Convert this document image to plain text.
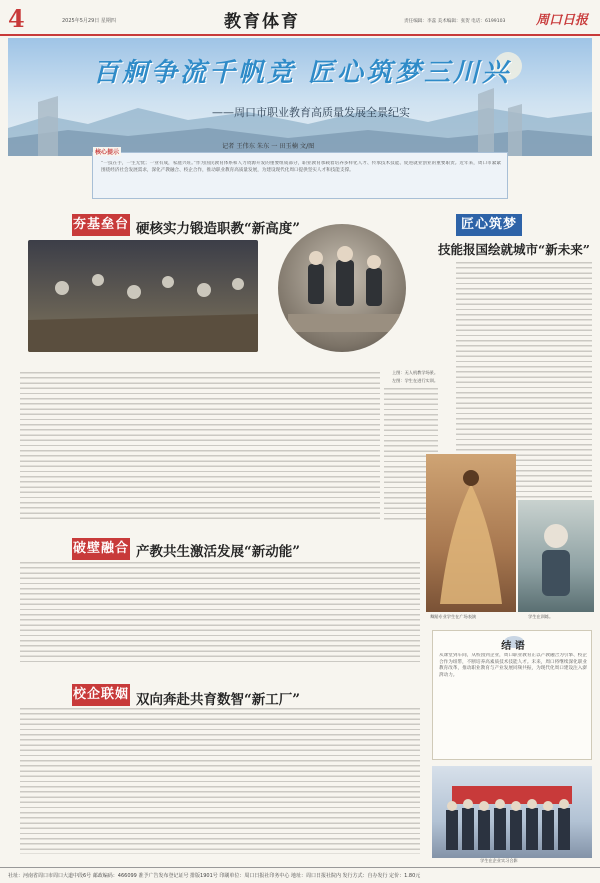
4	2025年5月29日 星期四	教育体育	责任编辑：李蕊 美术编辑：张贺 电话：6199103 周口日报
百舸争流千帆竞 匠心筑梦三川兴
——周口市职业教育高质量发展全景纪实
记者 王伟东 朱东 一 田玉楠 文/图
核心提示
“一技在手，一生无忧；一业有成，家庭兴旺。”作为国民教育体系和人力资源开发的重要组成部分，职业教育承载着培养多样化人才、传承技术技能、促进就业创业的重要职责。近年来，周口市紧紧围绕经济社会发展需求，深化产教融合、校企合作，推动职业教育高质量发展，为建设现代化周口提供坚实人才和技能支撑。
夯基垒台 硬核实力锻造职教“新高度”
上图：无人机教学场景。
左图：学生在进行实训。
匠心筑梦
技能报国绘就城市“新未来”
舞蹈专业学生在广场表演	学生在训练。
破壁融合 产教共生激活发展“新动能”
校企联姻 双向奔赴共育数智“新工厂”
结 语
从课堂到车间，从校园到企业，周口职业教育正以产教融合为引擎、校企合作为纽带，不断培养高素质技术技能人才。未来，周口将继续深化职业教育改革，推动职业教育与产业发展同频共振，为现代化周口建设注入澎湃动力。
学生在企业实习合影
社址：河南省周口市周口大道中段6号 邮政编码：466099 准予广告发布登记证号 排版1901号 印刷单位：周口日报社印务中心 地址：周口日报社院内 发行方式：自办发行 定价：1.80元
